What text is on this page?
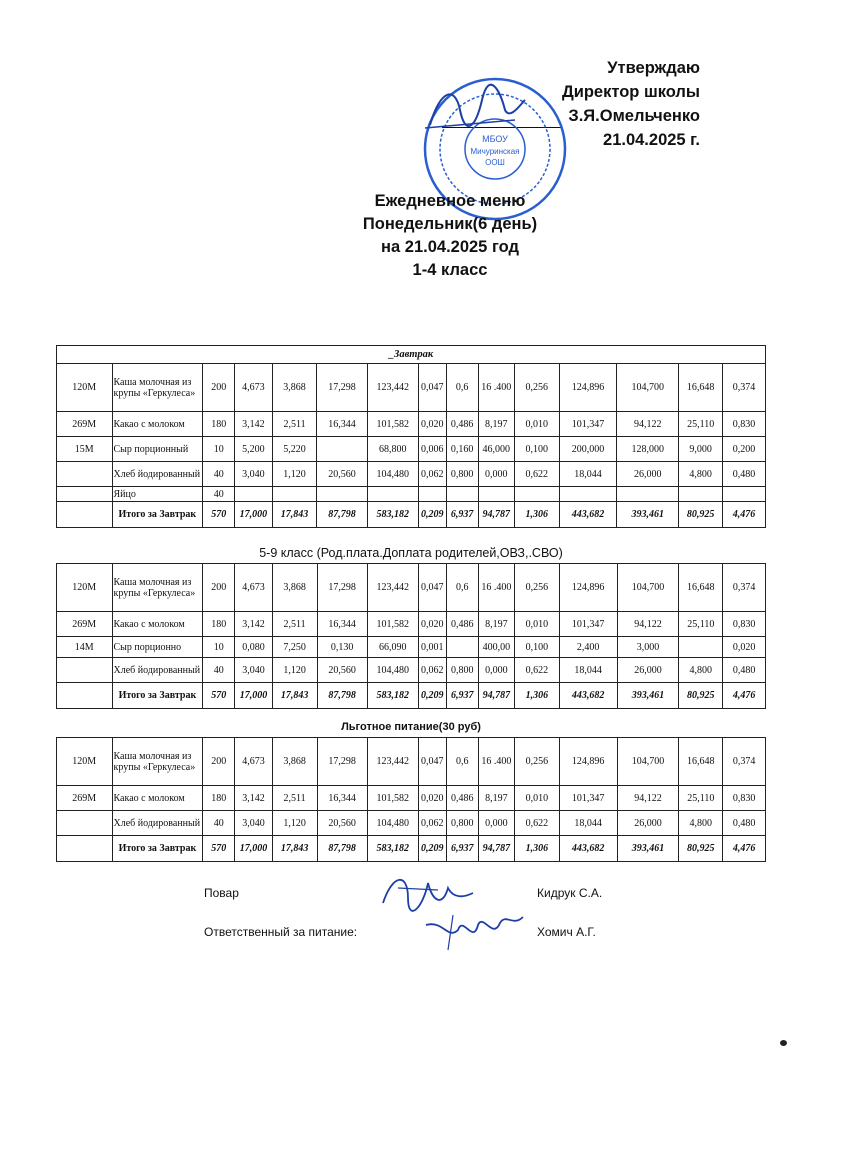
Утверждаю
Директор школы
З.Я.Омельченко
21.04.2025 г.
МБОУ
Мичуринская
ООШ
Ежедневное меню
Понедельник(6 день)
на 21.04.2025 год
1-4 класс
_Завтрак														
120М	Каша молочная из крупы «Геркулеса»	200	4,673	3,868	17,298	123,442	0,047	0,6	16 .400	0,256	124,896	104,700	16,648	0,374
269М	Какао с молоком	180	3,142	2,511	16,344	101,582	0,020	0,486	8,197	0,010	101,347	94,122	25,110	0,830
15М	Сыр порционный	10	5,200	5,220		68,800	0,006	0,160	46,000	0,100	200,000	128,000	9,000	0,200
	Хлеб йодированный	40	3,040	1,120	20,560	104,480	0,062	0,800	0,000	0,622	18,044	26,000	4,800	0,480
	Яйцо	40												
	Итого за Завтрак	570	17,000	17,843	87,798	583,182	0,209	6,937	94,787	1,306	443,682	393,461	80,925	4,476
5-9 класс (Род.плата.Доплата родителей,ОВЗ,.СВО)
120М	Каша молочная из крупы «Геркулеса»	200	4,673	3,868	17,298	123,442	0,047	0,6	16 .400	0,256	124,896	104,700	16,648	0,374
269М	Какао с молоком	180	3,142	2,511	16,344	101,582	0,020	0,486	8,197	0,010	101,347	94,122	25,110	0,830
14М	Сыр порционно	10	0,080	7,250	0,130	66,090	0,001		400,00	0,100	2,400	3,000		0,020
	Хлеб йодированный	40	3,040	1,120	20,560	104,480	0,062	0,800	0,000	0,622	18,044	26,000	4,800	0,480
	Итого за Завтрак	570	17,000	17,843	87,798	583,182	0,209	6,937	94,787	1,306	443,682	393,461	80,925	4,476
Льготное питание(30 руб)
120М	Каша молочная из крупы «Геркулеса»	200	4,673	3,868	17,298	123,442	0,047	0,6	16 .400	0,256	124,896	104,700	16,648	0,374
269М	Какао с молоком	180	3,142	2,511	16,344	101,582	0,020	0,486	8,197	0,010	101,347	94,122	25,110	0,830
	Хлеб йодированный	40	3,040	1,120	20,560	104,480	0,062	0,800	0,000	0,622	18,044	26,000	4,800	0,480
	Итого за Завтрак	570	17,000	17,843	87,798	583,182	0,209	6,937	94,787	1,306	443,682	393,461	80,925	4,476
Повар	Кидрук С.А.
Ответственный за питание:	Хомич А.Г.
